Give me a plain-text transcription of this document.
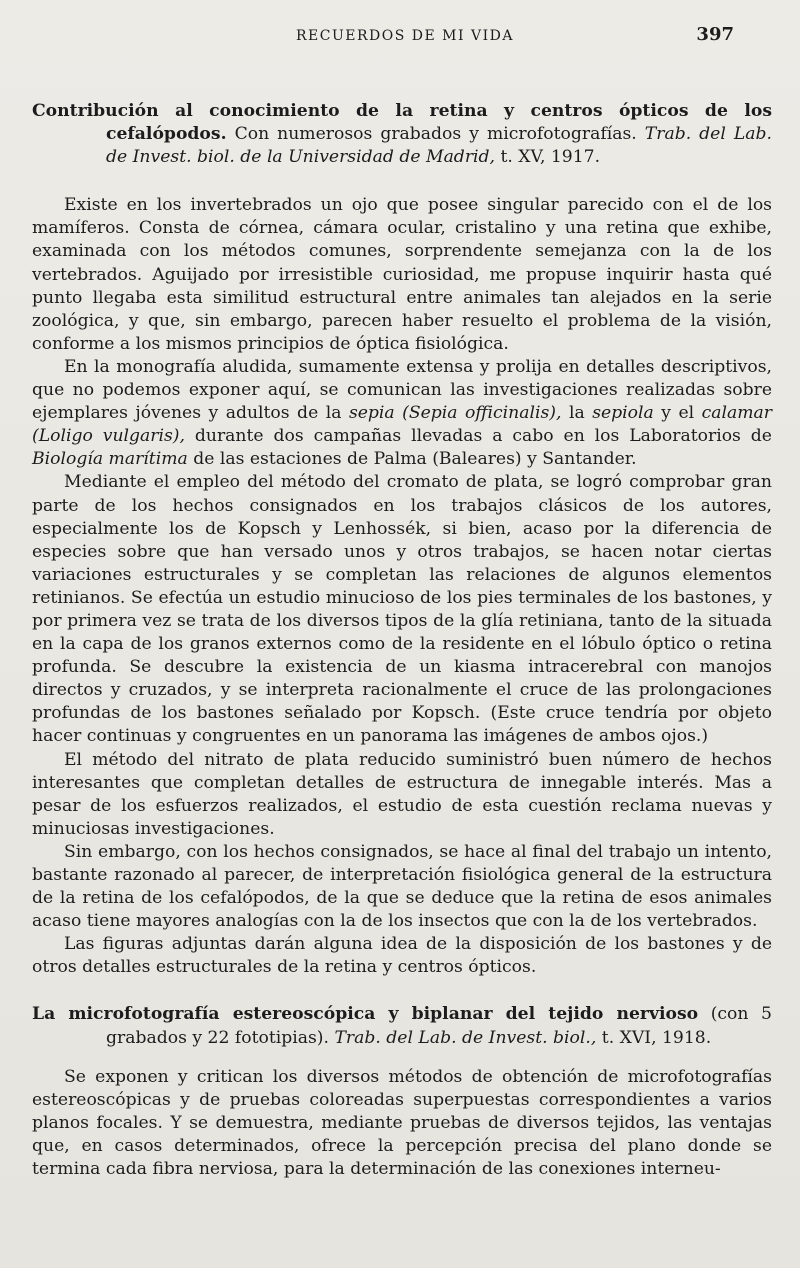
RECUERDOS DE MI VIDA	397

Contribución al conocimiento de la retina y centros ópticos de los cefalópodos. Con numerosos grabados y microfotografías. Trab. del Lab. de Invest. biol. de la Universidad de Madrid, t. XV, 1917.

Existe en los invertebrados un ojo que posee singular parecido con el de los mamíferos. Consta de córnea, cámara ocular, cristalino y una retina que exhibe, examinada con los métodos comunes, sorprendente semejanza con la de los vertebrados. Aguijado por irresistible curiosidad, me propuse inquirir hasta qué punto llegaba esta similitud estructural entre animales tan alejados en la serie zoológica, y que, sin embargo, parecen haber resuelto el problema de la visión, conforme a los mismos principios de óptica fisiológica.

En la monografía aludida, sumamente extensa y prolija en detalles descriptivos, que no podemos exponer aquí, se comunican las investigaciones realizadas sobre ejemplares jóvenes y adultos de la sepia (Sepia officinalis), la sepiola y el calamar (Loligo vulgaris), durante dos campañas llevadas a cabo en los Laboratorios de Biología marítima de las estaciones de Palma (Baleares) y Santander.

Mediante el empleo del método del cromato de plata, se logró comprobar gran parte de los hechos consignados en los trabajos clásicos de los autores, especialmente los de Kopsch y Lenhossék, si bien, acaso por la diferencia de especies sobre que han versado unos y otros trabajos, se hacen notar ciertas variaciones estructurales y se completan las relaciones de algunos elementos retinianos. Se efectúa un estudio minucioso de los pies terminales de los bastones, y por primera vez se trata de los diversos tipos de la glía retiniana, tanto de la situada en la capa de los granos externos como de la residente en el lóbulo óptico o retina profunda. Se descubre la existencia de un kiasma intracerebral con manojos directos y cruzados, y se interpreta racionalmente el cruce de las prolongaciones profundas de los bastones señalado por Kopsch. (Este cruce tendría por objeto hacer continuas y congruentes en un panorama las imágenes de ambos ojos.)

El método del nitrato de plata reducido suministró buen número de hechos interesantes que completan detalles de estructura de innegable interés. Mas a pesar de los esfuerzos realizados, el estudio de esta cuestión reclama nuevas y minuciosas investigaciones.

Sin embargo, con los hechos consignados, se hace al final del trabajo un intento, bastante razonado al parecer, de interpretación fisiológica general de la estructura de la retina de los cefalópodos, de la que se deduce que la retina de esos animales acaso tiene mayores analogías con la de los insectos que con la de los vertebrados.

Las figuras adjuntas darán alguna idea de la disposición de los bastones y de otros detalles estructurales de la retina y centros ópticos.

La microfotografía estereoscópica y biplanar del tejido nervioso (con 5 grabados y 22 fototipias). Trab. del Lab. de Invest. biol., t. XVI, 1918.

Se exponen y critican los diversos métodos de obtención de microfotografías estereoscópicas y de pruebas coloreadas superpuestas correspondientes a varios planos focales. Y se demuestra, mediante pruebas de diversos tejidos, las ventajas que, en casos determinados, ofrece la percepción precisa del plano donde se termina cada fibra nerviosa, para la determinación de las conexiones interneu-
